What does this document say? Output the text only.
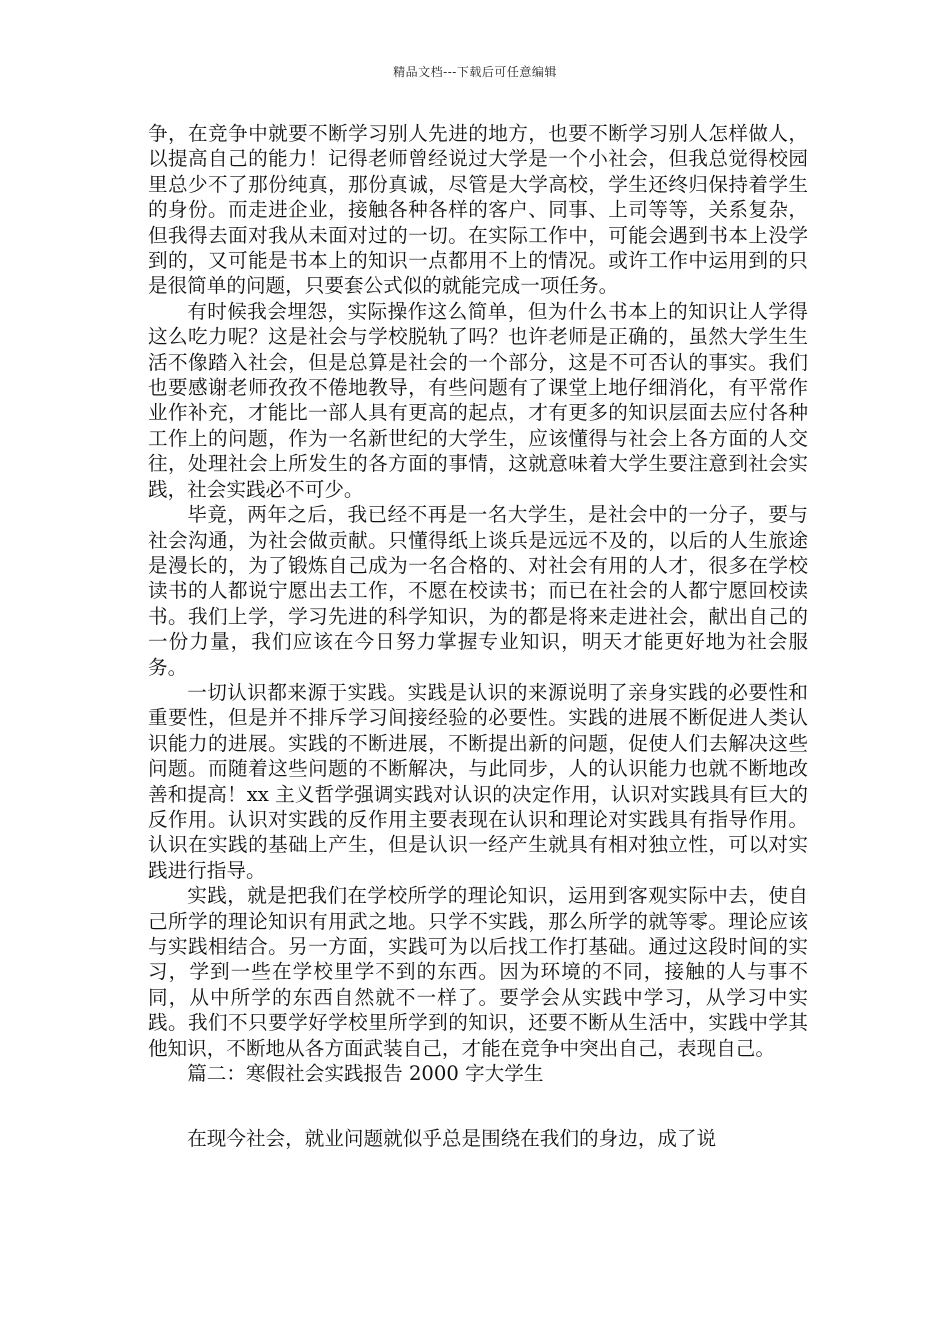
精品文档---下载后可任意编辑

争，在竞争中就要不断学习别人先进的地方，也要不断学习别人怎样做人，以提高自己的能力！记得老师曾经说过大学是一个小社会，但我总觉得校园里总少不了那份纯真，那份真诚，尽管是大学高校，学生还终归保持着学生的身份。而走进企业，接触各种各样的客户、同事、上司等等，关系复杂，但我得去面对我从未面对过的一切。在实际工作中，可能会遇到书本上没学到的，又可能是书本上的知识一点都用不上的情况。或许工作中运用到的只是很简单的问题，只要套公式似的就能完成一项任务。

有时候我会埋怨，实际操作这么简单，但为什么书本上的知识让人学得这么吃力呢？这是社会与学校脱轨了吗？也许老师是正确的，虽然大学生生活不像踏入社会，但是总算是社会的一个部分，这是不可否认的事实。我们也要感谢老师孜孜不倦地教导，有些问题有了课堂上地仔细消化，有平常作业作补充，才能比一部人具有更高的起点，才有更多的知识层面去应付各种工作上的问题，作为一名新世纪的大学生，应该懂得与社会上各方面的人交往，处理社会上所发生的各方面的事情，这就意味着大学生要注意到社会实践，社会实践必不可少。

毕竟，两年之后，我已经不再是一名大学生，是社会中的一分子，要与社会沟通，为社会做贡献。只懂得纸上谈兵是远远不及的，以后的人生旅途是漫长的，为了锻炼自己成为一名合格的、对社会有用的人才，很多在学校读书的人都说宁愿出去工作，不愿在校读书；而已在社会的人都宁愿回校读书。我们上学，学习先进的科学知识，为的都是将来走进社会，献出自己的一份力量，我们应该在今日努力掌握专业知识，明天才能更好地为社会服务。

一切认识都来源于实践。实践是认识的来源说明了亲身实践的必要性和重要性，但是并不排斥学习间接经验的必要性。实践的进展不断促进人类认识能力的进展。实践的不断进展，不断提出新的问题，促使人们去解决这些问题。而随着这些问题的不断解决，与此同步，人的认识能力也就不断地改善和提高！xx 主义哲学强调实践对认识的决定作用，认识对实践具有巨大的反作用。认识对实践的反作用主要表现在认识和理论对实践具有指导作用。认识在实践的基础上产生，但是认识一经产生就具有相对独立性，可以对实践进行指导。

实践，就是把我们在学校所学的理论知识，运用到客观实际中去，使自己所学的理论知识有用武之地。只学不实践，那么所学的就等零。理论应该与实践相结合。另一方面，实践可为以后找工作打基础。通过这段时间的实习，学到一些在学校里学不到的东西。因为环境的不同，接触的人与事不同，从中所学的东西自然就不一样了。要学会从实践中学习，从学习中实践。我们不只要学好学校里所学到的知识，还要不断从生活中，实践中学其他知识，不断地从各方面武装自己，才能在竞争中突出自己，表现自己。

篇二：寒假社会实践报告 2000 字大学生

在现今社会，就业问题就似乎总是围绕在我们的身边，成了说
